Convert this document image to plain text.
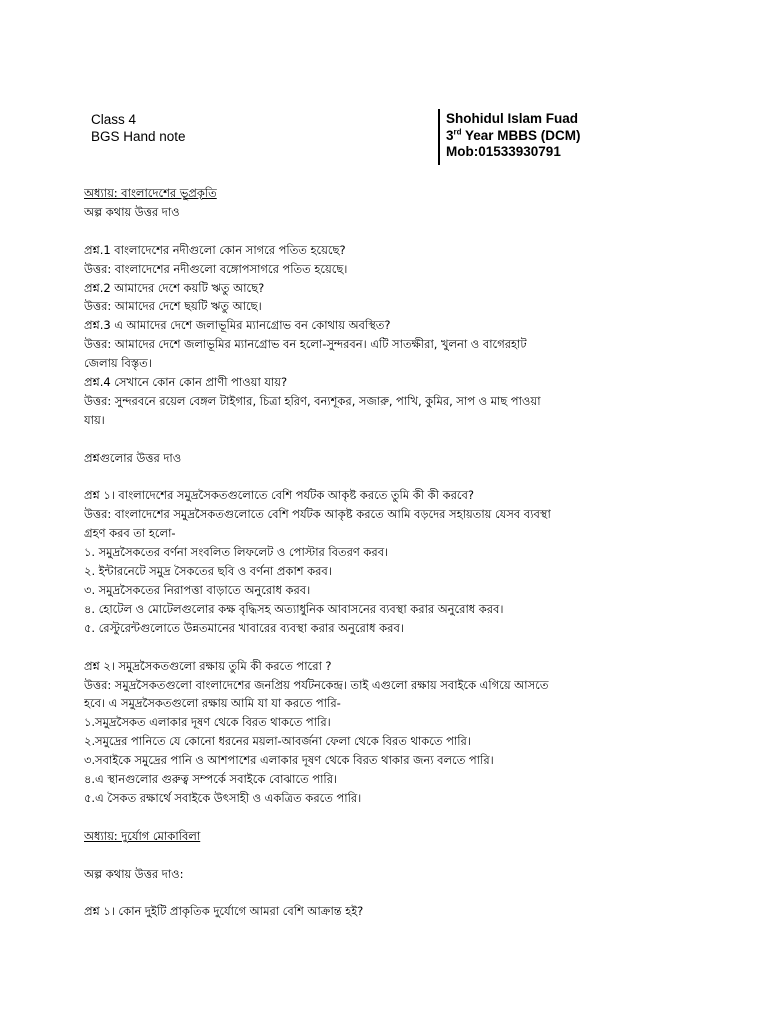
Class 4
BGS Hand note
Shohidul Islam Fuad
3rd Year MBBS (DCM)
Mob:01533930791
অধ্যায়: বাংলাদেশের ভূপ্রকৃতি
অল্প কথায় উত্তর দাও
প্রশ্ন.1 বাংলাদেশের নদীগুলো কোন সাগরে পতিত হয়েছে?
উত্তর: বাংলাদেশের নদীগুলো বঙ্গোপসাগরে পতিত হয়েছে।
প্রশ্ন.2 আমাদের দেশে কয়টি ঋতু আছে?
উত্তর: আমাদের দেশে ছয়টি ঋতু আছে।
প্রশ্ন.3 এ আমাদের দেশে জলাভূমির ম্যানগ্রোভ বন কোথায় অবস্থিত?
উত্তর: আমাদের দেশে জলাভূমির ম্যানগ্রোভ বন হলো-সুন্দরবন। এটি সাতক্ষীরা, খুলনা ও বাগেরহাট
জেলায় বিস্তৃত।
প্রশ্ন.4 সেখানে কোন কোন প্রাণী পাওয়া যায়?
উত্তর: সুন্দরবনে রয়েল বেঙ্গল টাইগার, চিত্রা হরিণ, বন্যশূকর, সজারু, পাখি, কুমির, সাপ ও মাছ পাওয়া
যায়।
প্রশ্নগুলোর উত্তর দাও
প্রশ্ন ১। বাংলাদেশের সমুদ্রসৈকতগুলোতে বেশি পর্যটক আকৃষ্ট করতে তুমি কী কী করবে?
উত্তর: বাংলাদেশের সমুদ্রসৈকতগুলোতে বেশি পর্যটক আকৃষ্ট করতে আমি বড়দের সহায়তায় যেসব ব্যবস্থা
গ্রহণ করব তা হলো-
১. সমুদ্রসৈকতের বর্ণনা সংবলিত লিফলেট ও পোস্টার বিতরণ করব।
২. ইন্টারনেটে সমুদ্র সৈকতের ছবি ও বর্ণনা প্রকাশ করব।
৩. সমুদ্রসৈকতের নিরাপত্তা বাড়াতে অনুরোধ করব।
৪. হোটেল ও মোটেলগুলোর কক্ষ বৃদ্ধিসহ অত্যাধুনিক আবাসনের ব্যবস্থা করার অনুরোধ করব।
৫. রেস্টুরেন্টগুলোতে উন্নতমানের খাবারের ব্যবস্থা করার অনুরোধ করব।
প্রশ্ন ২। সমুদ্রসৈকতগুলো রক্ষায় তুমি কী করতে পারো ?
উত্তর: সমুদ্রসৈকতগুলো বাংলাদেশের জনপ্রিয় পর্যটনকেন্দ্র। তাই এগুলো রক্ষায় সবাইকে এগিয়ে আসতে
হবে। এ সমুদ্রসৈকতগুলো রক্ষায় আমি যা যা করতে পারি-
১.সমুদ্রসৈকত এলাকার দূষণ থেকে বিরত থাকতে পারি।
২.সমুদ্রের পানিতে যে কোনো ধরনের ময়লা-আবর্জনা ফেলা থেকে বিরত থাকতে পারি।
৩.সবাইকে সমুদ্রের পানি ও আশপাশের এলাকার দূষণ থেকে বিরত থাকার জন্য বলতে পারি।
৪.এ স্থানগুলোর গুরুত্ব সম্পর্কে সবাইকে বোঝাতে পারি।
৫.এ সৈকত রক্ষার্থে সবাইকে উৎসাহী ও একত্রিত করতে পারি।
অধ্যায়: দুর্যোগ মোকাবিলা
অল্প কথায় উত্তর দাও:
প্রশ্ন ১। কোন দুইটি প্রাকৃতিক দুর্যোগে আমরা বেশি আক্রান্ত হই?
